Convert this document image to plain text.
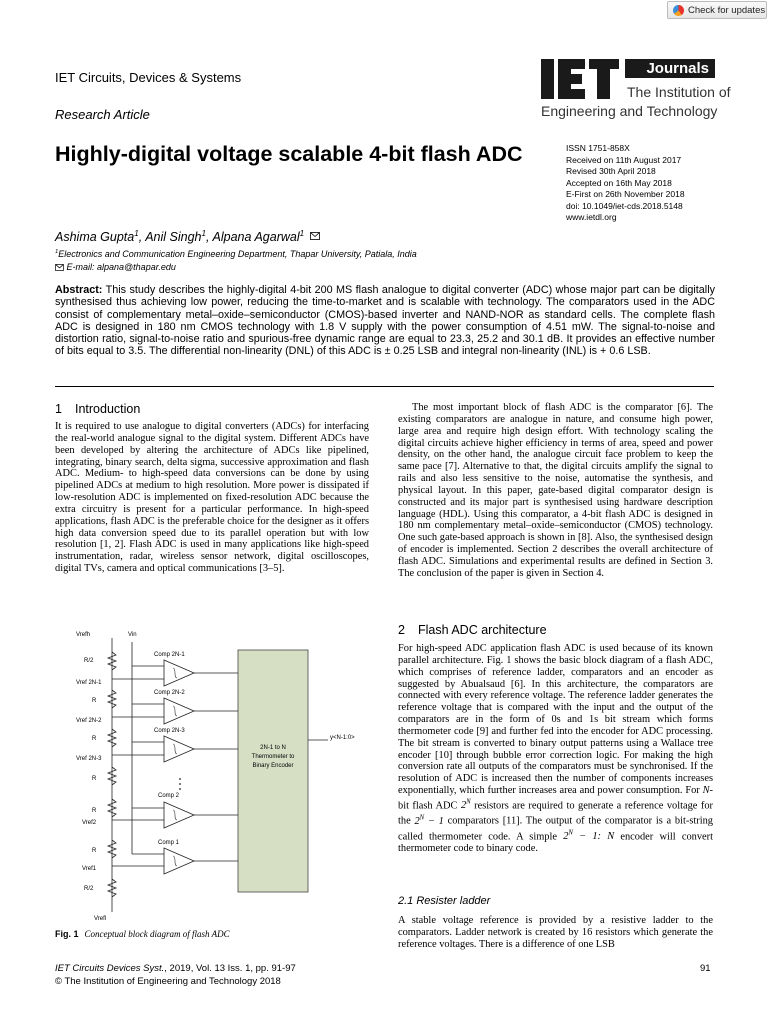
Check for updates
IET Circuits, Devices & Systems
Research Article
Journals
The Institution of
Engineering and Technology
Highly-digital voltage scalable 4-bit flash ADC	ISSN 1751-858X
Received on 11th August 2017
Revised 30th April 2018
Accepted on 16th May 2018
E-First on 26th November 2018
doi: 10.1049/iet-cds.2018.5148
www.ietdl.org
Ashima Gupta$^1$, Anil Singh$^1$, Alpana Agarwal$^1$
$^1$Electronics and Communication Engineering Department, Thapar University, Patiala, India
E-mail: alpana@thapar.edu
Abstract: This study describes the highly-digital 4-bit 200 MS flash analogue to digital converter (ADC) whose major part can be digitally synthesised thus achieving low power, reducing the time-to-market and is scalable with technology. The comparators used in the ADC consist of complementary metal–oxide–semiconductor (CMOS)-based inverter and NAND-NOR as standard cells. The complete flash ADC is designed in 180 nm CMOS technology with 1.8 V supply with the power consumption of 4.51 mW. The signal-to-noise and distortion ratio, signal-to-noise ratio and spurious-free dynamic range are equal to 23.3, 25.2 and 30.1 dB. It provides an effective number of bits equal to 3.5. The differential non-linearity (DNL) of this ADC is ± 0.25 LSB and integral non-linearity (INL) is + 0.6 LSB.
1 Introduction

It is required to use analogue to digital converters (ADCs) for interfacing the real-world analogue signal to the digital system. Different ADCs have been developed by altering the architecture of ADCs like pipelined, integrating, binary search, delta sigma, successive approximation and flash ADC. Medium- to high-speed data conversions can be done by using pipelined ADCs at medium to high resolution. More power is dissipated if low-resolution ADC is implemented on fixed-resolution ADC because the extra circuitry is present for a particular performance. In high-speed applications, flash ADC is the preferable choice for the designer as it offers high data conversion speed due to its parallel operation but with low resolution [1, 2]. Flash ADC is used in many applications like high-speed instrumentation, radar, wireless sensor network, digital oscilloscopes, digital TVs, camera and optical communications [3–5].

The most important block of flash ADC is the comparator [6]. The existing comparators are analogue in nature, and consume high power, large area and require high design effort. With technology scaling the digital circuits achieve higher efficiency in terms of area, speed and power density, on the other hand, the analogue circuit face problem to keep the same pace [7]. Alternative to that, the digital circuits amplify the signal to rails and also less sensitive to the noise, automatise the synthesis, and physical layout. In this paper, gate-based digital comparator design is constructed and its major part is synthesised using hardware description language (HDL). Using this comparator, a 4-bit flash ADC is designed in 180 nm complementary metal–oxide–semiconductor (CMOS) technology. One such gate-based approach is shown in [8]. Also, the synthesised design of encoder is implemented. Section 2 describes the overall architecture of flash ADC. Simulations and experimental results are defined in Section 3. The conclusion of the paper is given in Section 4.

2 Flash ADC architecture

For high-speed ADC application flash ADC is used because of its known parallel architecture. Fig. 1 shows the basic block diagram of a flash ADC, which comprises of reference ladder, comparators and an encoder as suggested by Abualsaud [6]. In this architecture, the comparators are connected with every reference voltage. The reference ladder generates the reference voltage that is compared with the input and the output of the comparators are in the form of 0s and 1s bit stream which forms thermometer code [9] and further fed into the encoder for ADC processing. The bit stream is converted to binary output patterns using a Wallace tree encoder [10] through bubble error correction logic. For making the high conversion rate all outputs of the comparators must be synchronised. If the resolution of ADC is increased then the number of components increases exponentially, which further increases area and power consumption. For N-bit flash ADC $2^N$ resistors are required to generate a reference voltage for the $2^N - 1$ comparators [11]. The output of the comparator is a bit-string called thermometer code. A simple $2^N - 1$: N encoder will convert thermometer code to binary code.

2.1 Resister ladder

A stable voltage reference is provided by a resistive ladder to the comparators. Ladder network is created by 16 resistors which generate the reference voltages. There is a difference of one LSB

Vrefh	Vin
R/2
Vref 2N-1
R
Vref 2N-2
R
Vref 2N-3
R
R
Vref2
R
Vref1
R/2
Vrefl
Comp 2N-1
Comp 2N-2
Comp 2N-3
Comp 2
Comp 1
2N-1 to N
Thermometer to
Binary Encoder
y<N-1:0>
Fig. 1 Conceptual block diagram of flash ADC
IET Circuits Devices Syst., 2019, Vol. 13 Iss. 1, pp. 91-97
© The Institution of Engineering and Technology 2018
91
